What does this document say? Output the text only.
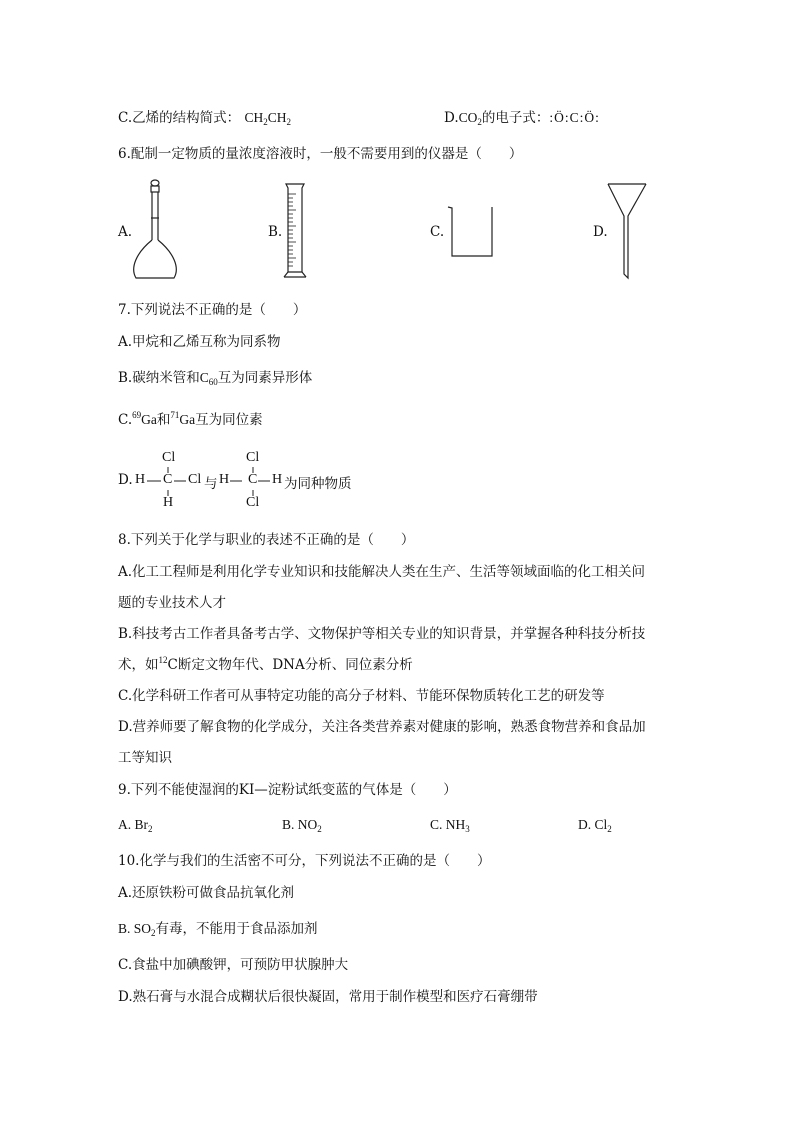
C.乙烯的结构简式： $CH_2CH_2$	$D.CO_2$的电子式：:Ö:C:Ö:
6.配制一定物质的量浓度溶液时，一般不需要用到的仪器是（　　）
A.	B.	C.	D.
7.下列说法不正确的是（　　）
A.甲烷和乙烯互称为同系物
B.碳纳米管和$C_{60}$互为同素异形体
C.$^{69}$Ga和$^{71}$Ga互为同位素
D.
Cl
H C Cl
H
与
Cl
H C H
Cl
为同种物质
8.下列关于化学与职业的表述不正确的是（　　）
A.化工工程师是利用化学专业知识和技能解决人类在生产、生活等领域面临的化工相关问
题的专业技术人才
B.科技考古工作者具备考古学、文物保护等相关专业的知识背景，并掌握各种科技分析技
术，如$^{12}$C断定文物年代、DNA分析、同位素分析
C.化学科研工作者可从事特定功能的高分子材料、节能环保物质转化工艺的研发等
D.营养师要了解食物的化学成分，关注各类营养素对健康的影响，熟悉食物营养和食品加
工等知识
9.下列不能使湿润的KI—淀粉试纸变蓝的气体是（　　）
A. $Br_2$	B. $NO_2$	C. $NH_3$	D. $Cl_2$
10.化学与我们的生活密不可分，下列说法不正确的是（　　）
A.还原铁粉可做食品抗氧化剂
B. $SO_2$有毒，不能用于食品添加剂
C.食盐中加碘酸钾，可预防甲状腺肿大
D.熟石膏与水混合成糊状后很快凝固，常用于制作模型和医疗石膏绷带
